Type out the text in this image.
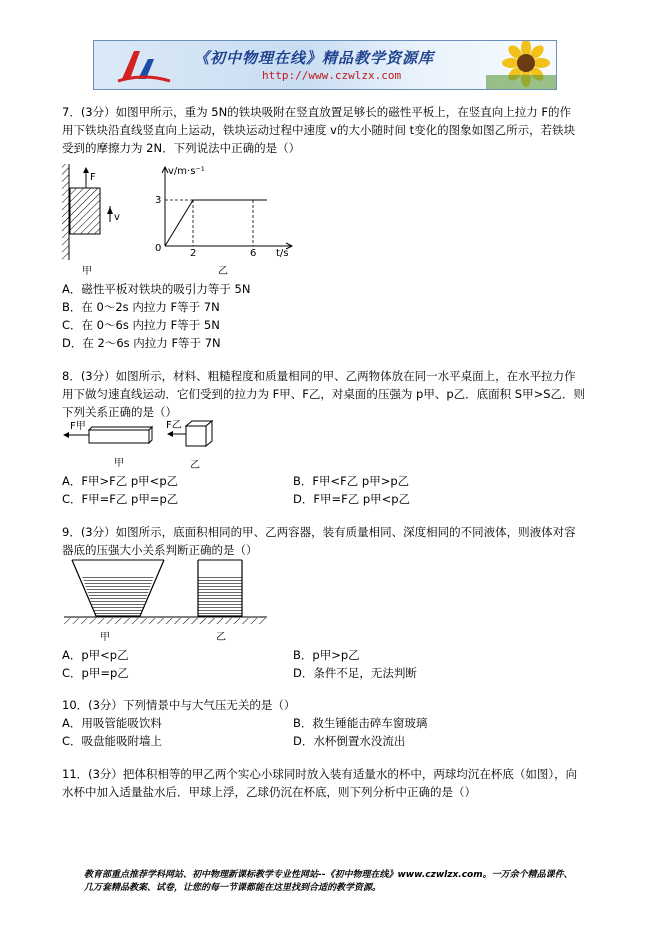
《初中物理在线》精品教学资源库
http://www.czwlzx.com
7．(3分）如图甲所示，重为 5N的铁块吸附在竖直放置足够长的磁性平板上，在竖直向上拉力 F的作
用下铁块沿直线竖直向上运动，铁块运动过程中速度 v的大小随时间 t变化的图象如图乙所示，若铁块
受到的摩擦力为 2N．下列说法中正确的是（）
F
v
甲
v/m·s⁻¹
3
0	2	6 t/s
乙
A．磁性平板对铁块的吸引力等于 5N
B．在 0～2s 内拉力 F等于 7N
C．在 0～6s 内拉力 F等于 5N
D．在 2～6s 内拉力 F等于 7N
8．(3分）如图所示，材料、粗糙程度和质量相同的甲、乙两物体放在同一水平桌面上，在水平拉力作
用下做匀速直线运动．它们受到的拉力为 F甲、F乙，对桌面的压强为 p甲、p乙．底面积 S甲>S乙．则
下列关系正确的是（）
F甲	F乙
甲	乙
A．F甲>F乙 p甲<p乙	B．F甲<F乙 p甲>p乙
C．F甲=F乙 p甲=p乙	D．F甲=F乙 p甲<p乙
9．(3分）如图所示，底面积相同的甲、乙两容器，装有质量相同、深度相同的不同液体，则液体对容
器底的压强大小关系判断正确的是（）
甲	乙
A．p甲<p乙	B．p甲>p乙
C．p甲=p乙	D．条件不足，无法判断
10．(3分）下列情景中与大气压无关的是（）
A．用吸管能吸饮料	B．救生锤能击碎车窗玻璃
C．吸盘能吸附墙上	D．水杯倒置水没流出
11．(3分）把体积相等的甲乙两个实心小球同时放入装有适量水的杯中，两球均沉在杯底（如图），向
水杯中加入适量盐水后．甲球上浮，乙球仍沉在杯底，则下列分析中正确的是（）
教育部重点推荐学科网站、初中物理新课标教学专业性网站--《初中物理在线》www.czwlzx.com。一万余个精品课件、
几万套精品教案、试卷，让您的每一节课都能在这里找到合适的教学资源。
